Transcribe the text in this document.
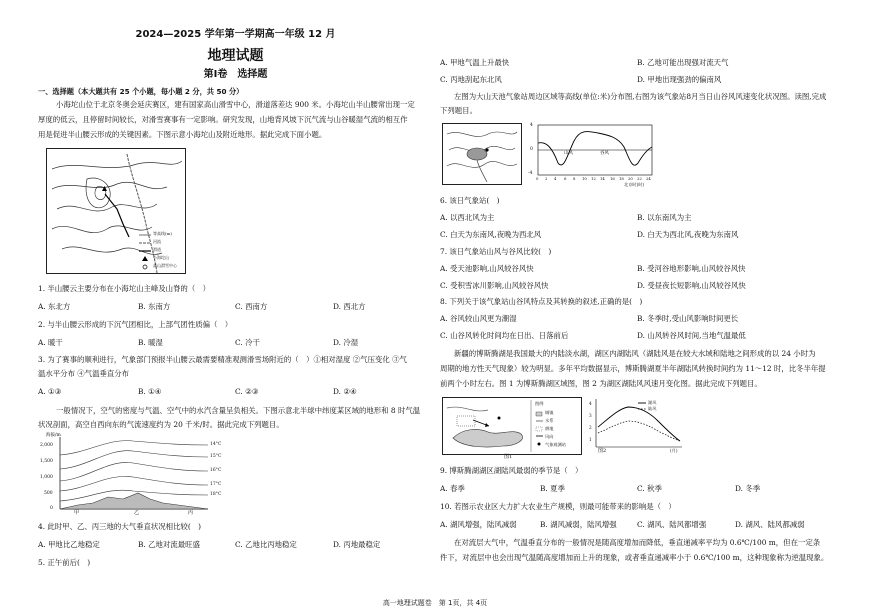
2024—2025 学年第一学期高一年级 12 月
地理试题
第Ⅰ卷　选择题
一、选择题（本大题共有 25 个小题，每小题 2 分，共 50 分）
小海坨山位于北京冬奥会延庆赛区，建有国家高山滑雪中心，滑道落差达 900 米。小海坨山半山腰常出现一定
厚度的低云，且停留时间较长，对滑雪赛事有一定影响。研究发现，山地背风坡下沉气流与山谷暖湿气流的相互作
用是促进半山腰云形成的关键因素。下图示意小海坨山及附近地形。据此完成下面小题。
等高线(m)
河流
滑道
小海坨山
高山滑雪中心
1. 半山腰云主要分布在小海坨山主峰及山脊的（　）
A. 东北方	B. 东南方	C. 西南方	D. 西北方
2. 与半山腰云形成的下沉气团相比，上部气团性质偏（　）
A. 暖干	B. 暖湿	C. 冷干	D. 冷湿
3. 为了赛事的顺利进行，气象部门预报半山腰云最需要精准观测滑雪场附近的（　）①相对湿度 ②气压变化 ③气
温水平分布 ④气温垂直分布
A. ①③	B. ①④	C. ②③	D. ②④
一般情况下，空气的密度与气温、空气中的水汽含量呈负相关。下图示意北半球中纬度某区域的地形和 8 时气温
状况剖面，高空自西向东的气流速度约为 20 千米/时。据此完成下列题目。
海拔/m
2,000
1,500
1,000
500
0
14°C
15°C
16°C
17°C
18°C
甲	乙	丙
4. 此时甲、乙、丙三地的大气垂直状况相比较(　)
A. 甲地比乙地稳定	B. 乙地对流最旺盛	C. 乙地比丙地稳定	D. 丙地最稳定
5. 正午前后(　)
A. 甲地气温上升最快	B. 乙地可能出现强对流天气
C. 丙地刮起东北风	D. 甲地出现强劲的偏南风
左图为大山天池气象站周边区域等高线(单位:米)分布图,右图为该气象站8月当日山谷风风速变化状况图。读图,完成
下列题目。
山风	谷风
4
0
-4
0 2 4 6 8 10 12 14 16 18 20 22 24
北京时(时)
6. 该日气象站(　)
A. 以西北风为主	B. 以东南风为主
C. 白天为东南风,夜晚为西北风	D. 白天为西北风,夜晚为东南风
7. 该日气象站山风与谷风比较(　)
A. 受天池影响,山风较谷风快	B. 受河谷地形影响,山风较谷风快
C. 受积雪冰川影响,山风较谷风快	D. 受昼夜长短影响,山风较谷风快
8. 下列关于该气象站山谷风特点及其转换的叙述,正确的是(　)
A. 谷风较山风更为潮湿	B. 冬季时,受山风影响时间更长
C. 山谷风转化时间均在日出、日落前后	D. 山风转谷风时间,当地气温最低
新疆的博斯腾湖是我国最大的内陆淡水湖，湖区内湖陆风（湖陆风是在较大水域和陆地之间形成的以 24 小时为
周期的地方性天气现象）较为明显。多年平均数据显示，博斯腾湖夏半年湖陆风转换时间约为 11～12 时，比冬半年提
前两个小时左右。图 1 为博斯腾湖区域图，图 2 为湖区湖陆风风速月变化图。据此完成下列题目。
图例
城镇
水系
耕地
风向
气象观测站
图1
湖风
陆风
4
3
2
1
(月)
图2
9. 博斯腾湖湖区湖陆风最弱的季节是（　）
A. 春季	B. 夏季	C. 秋季	D. 冬季
10. 若图示农业区大力扩大农业生产规模，则最可能带来的影响是（　）
A. 湖风增强，陆风减弱	B. 湖风减弱，陆风增强	C. 湖风、陆风都增强	D. 湖风、陆风都减弱
在对流层大气中，气温垂直分布的一般情况是随高度增加而降低，垂直递减率平均为 0.6℃/100 m，但在一定条
件下，对流层中也会出现气温随高度增加而上升的现象，或者垂直递减率小于 0.6℃/100 m，这种现象称为逆温现象。
高一地理试题卷　第 1页，共 4页
